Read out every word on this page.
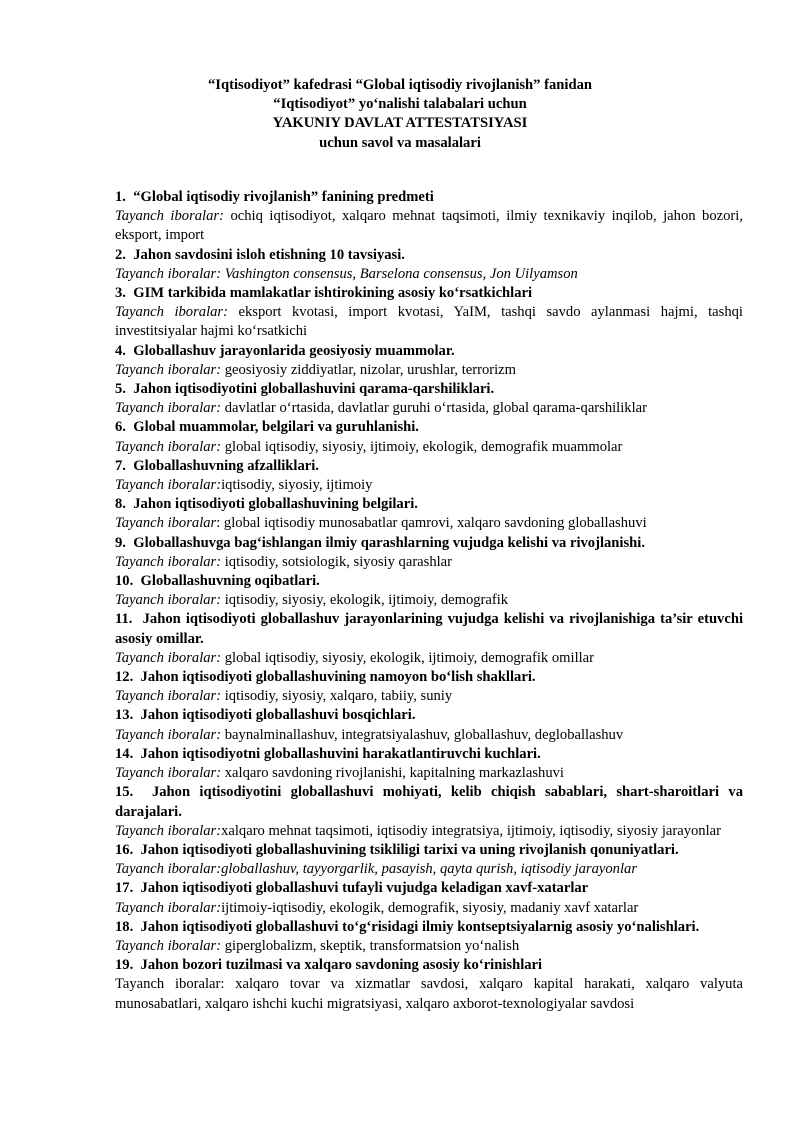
“Iqtisodiyot” kafedrasi “Global iqtisodiy rivojlanish” fanidan
“Iqtisodiyot” yo‘nalishi talabalari uchun
YAKUNIY DAVLAT ATTESTATSIYASI
uchun savol va masalalari
1. “Global iqtisodiy rivojlanish” fanining predmeti
Tayanch iboralar: ochiq iqtisodiyot, xalqaro mehnat taqsimoti, ilmiy texnikaviy inqilob, jahon bozori, eksport, import
2. Jahon savdosini isloh etishning 10 tavsiyasi.
Tayanch iboralar: Vashington consensus, Barselona consensus, Jon Uilyamson
3. GIM tarkibida mamlakatlar ishtirokining asosiy ko‘rsatkichlari
Tayanch iboralar: eksport kvotasi, import kvotasi, YaIM, tashqi savdo aylanmasi hajmi, tashqi investitsiyalar hajmi ko‘rsatkichi
4. Globallashuv jarayonlarida geosiyosiy muammolar.
Tayanch iboralar: geosiyosiy ziddiyatlar, nizolar, urushlar, terrorizm
5. Jahon iqtisodiyotini globallashuvini qarama-qarshiliklari.
Tayanch iboralar: davlatlar o‘rtasida, davlatlar guruhi o‘rtasida, global qarama-qarshiliklar
6. Global muammolar, belgilari va guruhlanishi.
Tayanch iboralar: global iqtisodiy, siyosiy, ijtimoiy, ekologik, demografik muammolar
7. Globallashuvning afzalliklari.
Tayanch iboralar:iqtisodiy, siyosiy, ijtimoiy
8. Jahon iqtisodiyoti globallashuvining belgilari.
Tayanch iboralar: global iqtisodiy munosabatlar qamrovi, xalqaro savdoning globallashuvi
9. Globallashuvga bag‘ishlangan ilmiy qarashlarning vujudga kelishi va rivojlanishi.
Tayanch iboralar: iqtisodiy, sotsiologik, siyosiy qarashlar
10. Globallashuvning oqibatlari.
Tayanch iboralar: iqtisodiy, siyosiy, ekologik, ijtimoiy, demografik
11. Jahon iqtisodiyoti globallashuv jarayonlarining vujudga kelishi va rivojlanishiga ta’sir etuvchi asosiy omillar.
Tayanch iboralar: global iqtisodiy, siyosiy, ekologik, ijtimoiy, demografik omillar
12. Jahon iqtisodiyoti globallashuvining namoyon bo‘lish shakllari.
Tayanch iboralar: iqtisodiy, siyosiy, xalqaro, tabiiy, suniy
13. Jahon iqtisodiyoti globallashuvi bosqichlari.
Tayanch iboralar: baynalminallashuv, integratsiyalashuv, globallashuv, degloballashuv
14. Jahon iqtisodiyotni globallashuvini harakatlantiruvchi kuchlari.
Tayanch iboralar: xalqaro savdoning rivojlanishi, kapitalning markazlashuvi
15. Jahon iqtisodiyotini globallashuvi mohiyati, kelib chiqish sabablari, shart-sharoitlari va darajalari.
Tayanch iboralar:xalqaro mehnat taqsimoti, iqtisodiy integratsiya, ijtimoiy, iqtisodiy, siyosiy jarayonlar
16. Jahon iqtisodiyoti globallashuvining tsikliligi tarixi va uning rivojlanish qonuniyatlari.
Tayanch iboralar:globallashuv, tayyorgarlik, pasayish, qayta qurish, iqtisodiy jarayonlar
17. Jahon iqtisodiyoti globallashuvi tufayli vujudga keladigan xavf-xatarlar
Tayanch iboralar:ijtimoiy-iqtisodiy, ekologik, demografik, siyosiy, madaniy xavf xatarlar
18. Jahon iqtisodiyoti globallashuvi to‘g‘risidagi ilmiy kontseptsiyalarnig asosiy yo‘nalishlari.
Tayanch iboralar: giperglobalizm, skeptik, transformatsion yo‘nalish
19. Jahon bozori tuzilmasi va xalqaro savdoning asosiy ko‘rinishlari
Tayanch iboralar: xalqaro tovar va xizmatlar savdosi, xalqaro kapital harakati, xalqaro valyuta munosabatlari, xalqaro ishchi kuchi migratsiyasi, xalqaro axborot-texnologiyalar savdosi
